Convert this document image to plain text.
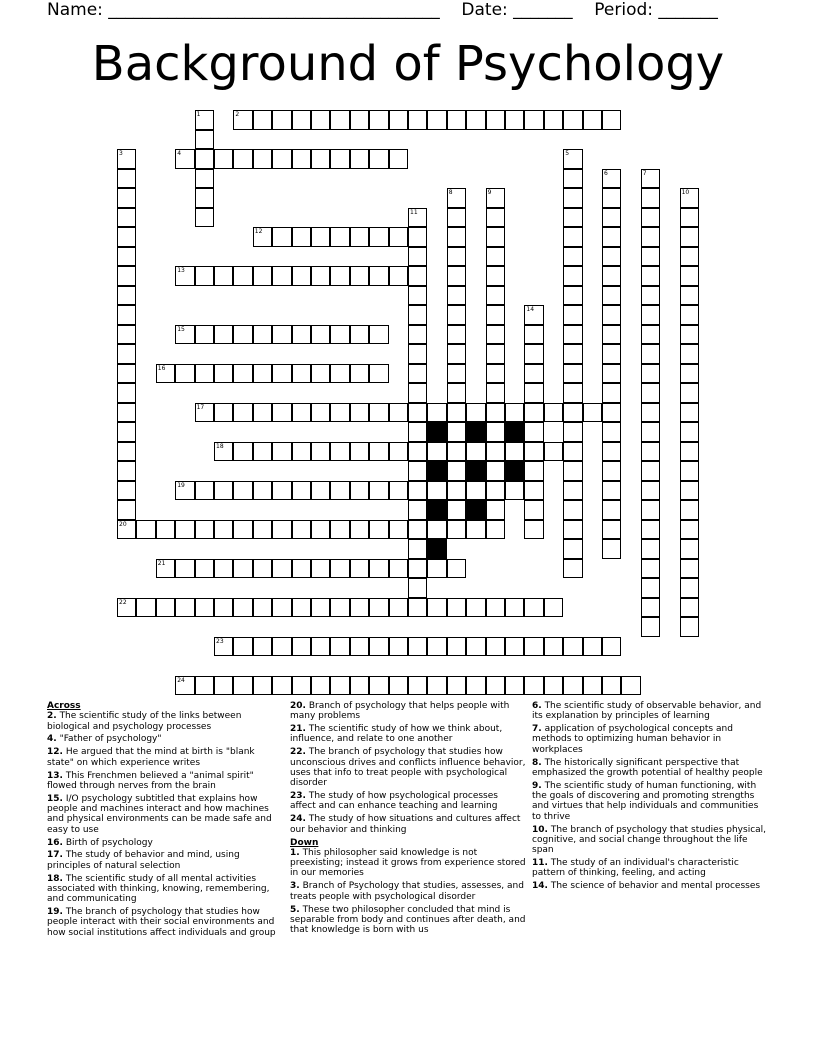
Name: _______________________________________    Date: _______    Period: _______
Background of Psychology
2
4
12
13
15
16
17
18
19
20
21
22
23
24
1
3	5
6	7
8	9	10
11
14

Across

2. The scientific study of the links between biological and psychology processes

4. "Father of psychology"

12. He argued that the mind at birth is "blank state" on which experience writes

13. This Frenchmen believed a "animal spirit" flowed through nerves from the brain

15. I/O psychology subtitled that explains how people and machines interact and how machines and physical environments can be made safe and easy to use

16. Birth of psychology

17. The study of behavior and mind, using principles of natural selection

18. The scientific study of all mental activities associated with thinking, knowing, remembering, and communicating

19. The branch of psychology that studies how people interact with their social environments and how social institutions affect individuals and group

20. Branch of psychology that helps people with many problems

21. The scientific study of how we think about, influence, and relate to one another

22. The branch of psychology that studies how unconscious drives and conflicts influence behavior, uses that info to treat people with psychological disorder

23. The study of how psychological processes affect and can enhance teaching and learning

24. The study of how situations and cultures affect our behavior and thinking

Down

1. This philosopher said knowledge is not preexisting; instead it grows from experience stored in our memories

3. Branch of Psychology that studies, assesses, and treats people with psychological disorder

5. These two philosopher concluded that mind is separable from body and continues after death, and that knowledge is born with us

6. The scientific study of observable behavior, and its explanation by principles of learning

7. application of psychological concepts and methods to optimizing human behavior in workplaces

8. The historically significant perspective that emphasized the growth potential of healthy people

9. The scientific study of human functioning, with the goals of discovering and promoting strengths and virtues that help individuals and communities to thrive

10. The branch of psychology that studies physical, cognitive, and social change throughout the life span

11. The study of an individual's characteristic pattern of thinking, feeling, and acting

14. The science of behavior and mental processes
